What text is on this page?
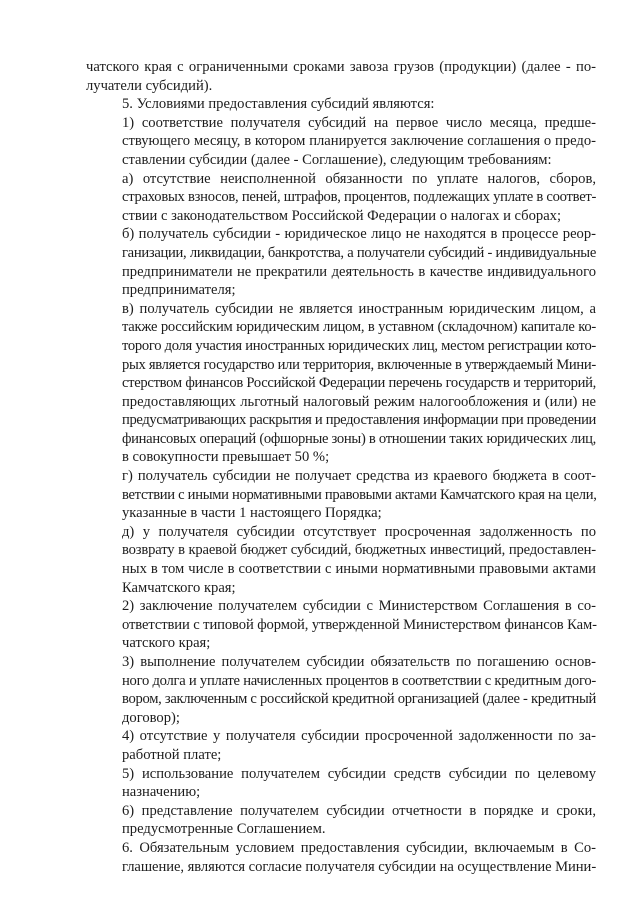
чатского края с ограниченными сроками завоза грузов (продукции) (далее - по-
лучатели субсидий).

5. Условиями предоставления субсидий являются:

1) соответствие получателя субсидий на первое число месяца, предше-
ствующего месяцу, в котором планируется заключение соглашения о предо-
ставлении субсидии (далее - Соглашение), следующим требованиям:

а) отсутствие неисполненной обязанности по уплате налогов, сборов,
страховых взносов, пеней, штрафов, процентов, подлежащих уплате в соответ-
ствии с законодательством Российской Федерации о налогах и сборах;

б) получатель субсидии - юридическое лицо не находятся в процессе реор-
ганизации, ликвидации, банкротства, а получатели субсидий - индивидуальные
предприниматели не прекратили деятельность в качестве индивидуального
предпринимателя;

в) получатель субсидии не является иностранным юридическим лицом, а
также российским юридическим лицом, в уставном (складочном) капитале ко-
торого доля участия иностранных юридических лиц, местом регистрации кото-
рых является государство или территория, включенные в утверждаемый Мини-
стерством финансов Российской Федерации перечень государств и территорий,
предоставляющих льготный налоговый режим налогообложения и (или) не
предусматривающих раскрытия и предоставления информации при проведении
финансовых операций (офшорные зоны) в отношении таких юридических лиц,
в совокупности превышает 50 %;

г) получатель субсидии не получает средства из краевого бюджета в соот-
ветствии с иными нормативными правовыми актами Камчатского края на цели,
указанные в части 1 настоящего Порядка;

д) у получателя субсидии отсутствует просроченная задолженность по
возврату в краевой бюджет субсидий, бюджетных инвестиций, предоставлен-
ных в том числе в соответствии с иными нормативными правовыми актами
Камчатского края;

2) заключение получателем субсидии с Министерством Соглашения в со-
ответствии с типовой формой, утвержденной Министерством финансов Кам-
чатского края;

3) выполнение получателем субсидии обязательств по погашению основ-
ного долга и уплате начисленных процентов в соответствии с кредитным дого-
вором, заключенным с российской кредитной организацией (далее - кредитный
договор);

4) отсутствие у получателя субсидии просроченной задолженности по за-
работной плате;

5) использование получателем субсидии средств субсидии по целевому
назначению;

6) представление получателем субсидии отчетности в порядке и сроки,
предусмотренные Соглашением.

6. Обязательным условием предоставления субсидии, включаемым в Со-
глашение, являются согласие получателя субсидии на осуществление Мини-
